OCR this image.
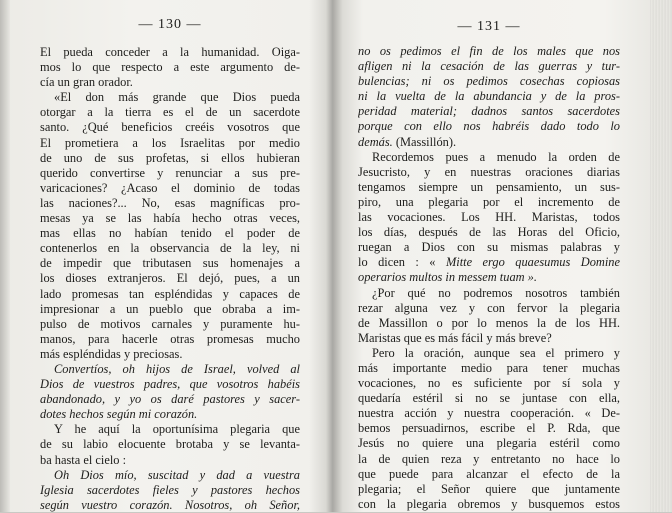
— 130 —
El pueda conceder a la humanidad. Oiga-
mos lo que respecto a este argumento de-
cía un gran orador.
«El don más grande que Dios pueda
otorgar a la tierra es el de un sacerdote
santo. ¿Qué beneficios creéis vosotros que
El prometiera a los Israelitas por medio
de uno de sus profetas, si ellos hubieran
querido convertirse y renunciar a sus pre-
varicaciones? ¿Acaso el dominio de todas
las naciones?... No, esas magníficas pro-
mesas ya se las había hecho otras veces,
mas ellas no habían tenido el poder de
contenerlos en la observancia de la ley, ni
de impedir que tributasen sus homenajes a
los dioses extranjeros. El dejó, pues, a un
lado promesas tan espléndidas y capaces de
impresionar a un pueblo que obraba a im-
pulso de motivos carnales y puramente hu-
manos, para hacerle otras promesas mucho
más espléndidas y preciosas.
Convertíos, oh hijos de Israel, volved al
Dios de vuestros padres, que vosotros habéis
abandonado, y yo os daré pastores y sacer-
dotes hechos según mi corazón.
Y he aquí la oportunísima plegaria que
de su labio elocuente brotaba y se levanta-
ba hasta el cielo :
Oh Dios mío, suscitad y dad a vuestra
Iglesia sacerdotes fieles y pastores hechos
según vuestro corazón. Nosotros, oh Señor,
— 131 —
no os pedimos el fin de los males que nos
afligen ni la cesación de las guerras y tur-
bulencias; ni os pedimos cosechas copiosas
ni la vuelta de la abundancia y de la pros-
peridad material; dadnos santos sacerdotes
porque con ello nos habréis dado todo lo
demás. (Massillón).
Recordemos pues a menudo la orden de
Jesucristo, y en nuestras oraciones diarias
tengamos siempre un pensamiento, un sus-
piro, una plegaria por el incremento de
las vocaciones. Los HH. Maristas, todos
los días, después de las Horas del Oficio,
ruegan a Dios con su mismas palabras y
lo dicen : « Mitte ergo quaesumus Domine
operarios multos in messem tuam ».
¿Por qué no podremos nosotros también
rezar alguna vez y con fervor la plegaria
de Massillon o por lo menos la de los HH.
Maristas que es más fácil y más breve?
Pero la oración, aunque sea el primero y
más importante medio para tener muchas
vocaciones, no es suficiente por sí sola y
quedaría estéril si no se juntase con ella,
nuestra acción y nuestra cooperación. « De-
bemos persuadirnos, escribe el P. Rda, que
Jesús no quiere una plegaria estéril como
la de quien reza y entretanto no hace lo
que puede para alcanzar el efecto de la
plegaria; el Señor quiere que juntamente
con la plegaria obremos y busquemos estos
